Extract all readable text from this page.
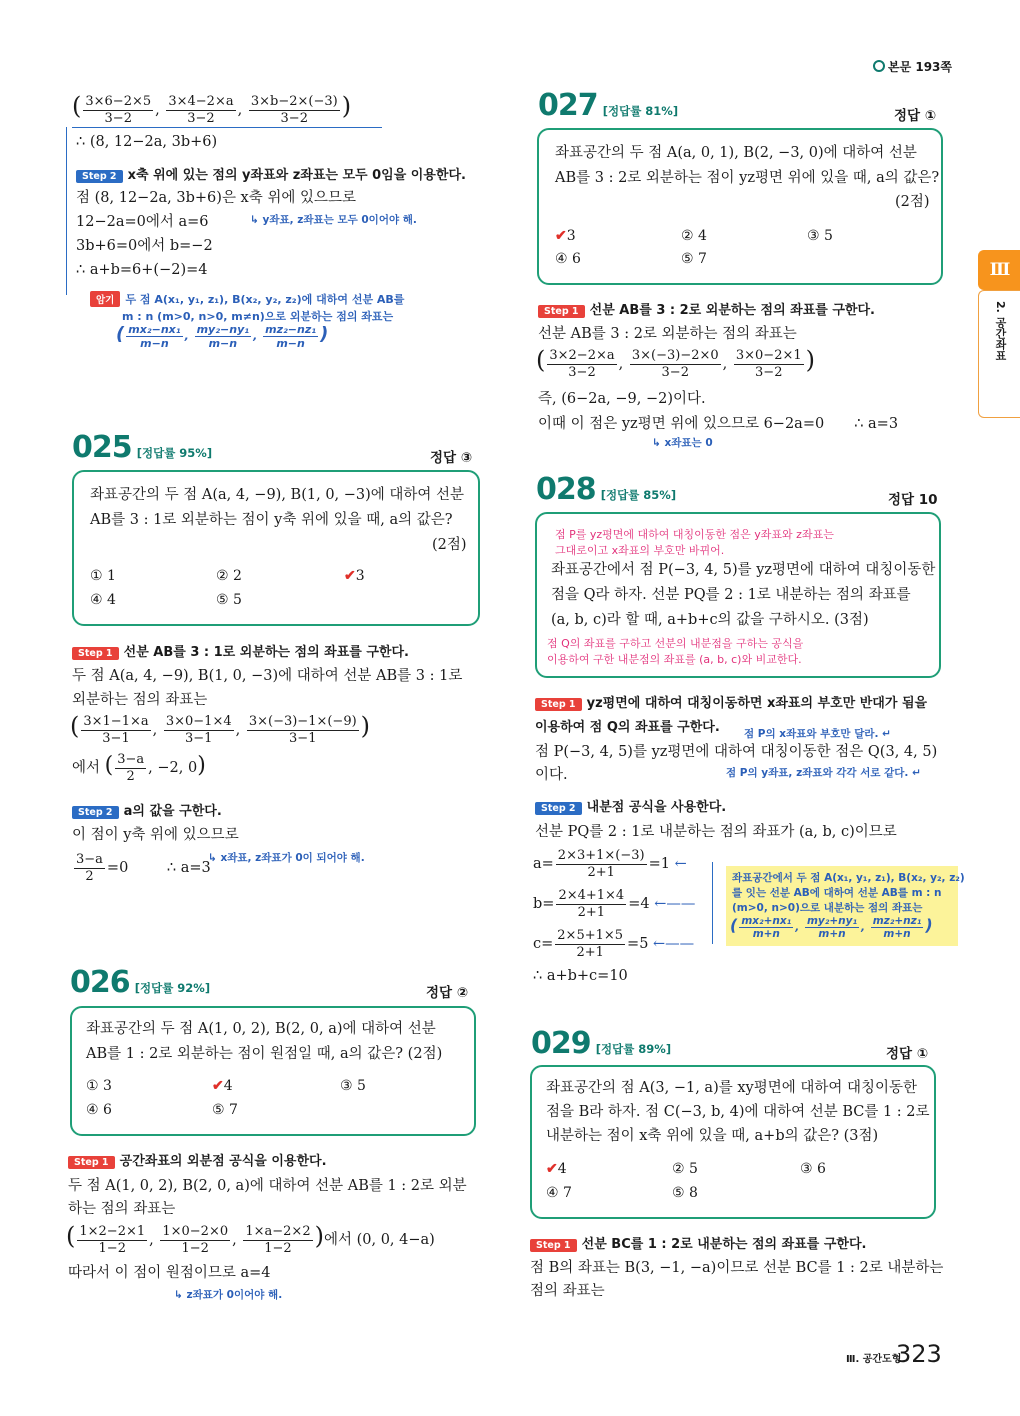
본문 193쪽
Ⅲ
2. 공간좌표
( $\frac{3\times 6-2\times 5}{3-2}$ , $\frac{3\times 4-2\times a}{3-2}$ , $\frac{3\times b-2\times(-3)}{3-2}$ )
∴ (8, 12−2a, 3b+6)
Step 2 x축 위에 있는 점의 y좌표와 z좌표는 모두 0임을 이용한다.
점 (8, 12−2a, 3b+6)은 x축 위에 있으므로
↳ y좌표, z좌표는 모두 0이어야 해.
12−2a=0에서 a=6
3b+6=0에서 b=−2
∴ a+b=6+(−2)=4
암기 두 점 A(x₁, y₁, z₁), B(x₂, y₂, z₂)에 대하여 선분 AB를
m : n (m>0, n>0, m≠n)으로 외분하는 점의 좌표는
( $\frac{\text{mx₂−nx₁}}{m-n}$ , $\frac{\text{my₂−ny₁}}{m-n}$ , $\frac{\text{mz₂−nz₁}}{m-n}$ )
025 [정답률 95%]	정답 ③
좌표공간의 두 점 A(a, 4, −9), B(1, 0, −3)에 대하여 선분
AB를 3 : 1로 외분하는 점이 y축 위에 있을 때, a의 값은?
(2점)
① 1	② 2	✔3
④ 4	⑤ 5
Step 1 선분 AB를 3 : 1로 외분하는 점의 좌표를 구한다.
두 점 A(a, 4, −9), B(1, 0, −3)에 대하여 선분 AB를 3 : 1로
외분하는 점의 좌표는
( $\frac{3\times 1-1\times a}{3-1}$ , $\frac{3\times 0-1\times 4}{3-1}$ , $\frac{3\times(-3)-1\times(-9)}{3-1}$ )
에서 ( $\frac{3-a}{2}$ , −2, 0)
Step 2 a의 값을 구한다.
이 점이 y축 위에 있으므로
↳ x좌표, z좌표가 0이 되어야 해.
$\frac{3-a}{2} =0$	∴ a=3
026 [정답률 92%]	정답 ②
좌표공간의 두 점 A(1, 0, 2), B(2, 0, a)에 대하여 선분
AB를 1 : 2로 외분하는 점이 원점일 때, a의 값은? (2점)
① 3	✔4	③ 5
④ 6	⑤ 7
Step 1 공간좌표의 외분점 공식을 이용한다.
두 점 A(1, 0, 2), B(2, 0, a)에 대하여 선분 AB를 1 : 2로 외분
하는 점의 좌표는
( $\frac{1\times 2-2\times 1}{1-2}$ , $\frac{1\times 0-2\times 0}{1-2}$ , $\frac{1\times a-2\times 2}{1-2}$ )에서 (0, 0, 4−a)
따라서 이 점이 원점이므로 a=4
↳ z좌표가 0이어야 해.
027 [정답률 81%]	정답 ①
좌표공간의 두 점 A(a, 0, 1), B(2, −3, 0)에 대하여 선분
AB를 3 : 2로 외분하는 점이 yz평면 위에 있을 때, a의 값은?
(2점)
✔3	② 4	③ 5
④ 6	⑤ 7
Step 1 선분 AB를 3 : 2로 외분하는 점의 좌표를 구한다.
선분 AB를 3 : 2로 외분하는 점의 좌표는
( $\frac{3\times 2-2\times a}{3-2}$ , $\frac{3\times(-3)-2\times 0}{3-2}$ , $\frac{3\times 0-2\times 1}{3-2}$ )
즉, (6−2a, −9, −2)이다.
이때 이 점은 yz평면 위에 있으므로 6−2a=0 ∴ a=3
↳ x좌표는 0
028 [정답률 85%]	정답 10
점 P를 yz평면에 대하여 대칭이동한 점은 y좌표와 z좌표는
그대로이고 x좌표의 부호만 바뀌어.
좌표공간에서 점 P(−3, 4, 5)를 yz평면에 대하여 대칭이동한
점을 Q라 하자. 선분 PQ를 2 : 1로 내분하는 점의 좌표를
(a, b, c)라 할 때, a+b+c의 값을 구하시오. (3점)
점 Q의 좌표를 구하고 선분의 내분점을 구하는 공식을
이용하여 구한 내분점의 좌표를 (a, b, c)와 비교한다.
Step 1 yz평면에 대하여 대칭이동하면 x좌표의 부호만 반대가 됨을
이용하여 점 Q의 좌표를 구한다. 점 P의 x좌표와 부호만 달라. ↵
점 P(−3, 4, 5)를 yz평면에 대하여 대칭이동한 점은 Q(3, 4, 5)
이다.	점 P의 y좌표, z좌표와 각각 서로 같다. ↵
Step 2 내분점 공식을 사용한다.
선분 PQ를 2 : 1로 내분하는 점의 좌표가 (a, b, c)이므로
$a= \frac{2\times 3+1\times(-3)}{2+1} =1$ ←
$b= \frac{2\times 4+1\times 4}{2+1} =4$ ←——
$c= \frac{2\times 5+1\times 5}{2+1} =5$ ←——
∴ a+b+c=10
좌표공간에서 두 점 A(x₁, y₁, z₁), B(x₂, y₂, z₂)
를 잇는 선분 AB에 대하여 선분 AB를 m : n
(m>0, n>0)으로 내분하는 점의 좌표는
( $\frac{\text{mx₂+nx₁}}{m+n}$ , $\frac{\text{my₂+ny₁}}{m+n}$ , $\frac{\text{mz₂+nz₁}}{m+n}$ )
029 [정답률 89%]	정답 ①
좌표공간의 점 A(3, −1, a)를 xy평면에 대하여 대칭이동한
점을 B라 하자. 점 C(−3, b, 4)에 대하여 선분 BC를 1 : 2로
내분하는 점이 x축 위에 있을 때, a+b의 값은? (3점)
✔4	② 5	③ 6
④ 7	⑤ 8
Step 1 선분 BC를 1 : 2로 내분하는 점의 좌표를 구한다.
점 B의 좌표는 B(3, −1, −a)이므로 선분 BC를 1 : 2로 내분하는
점의 좌표는
Ⅲ. 공간도형
323
